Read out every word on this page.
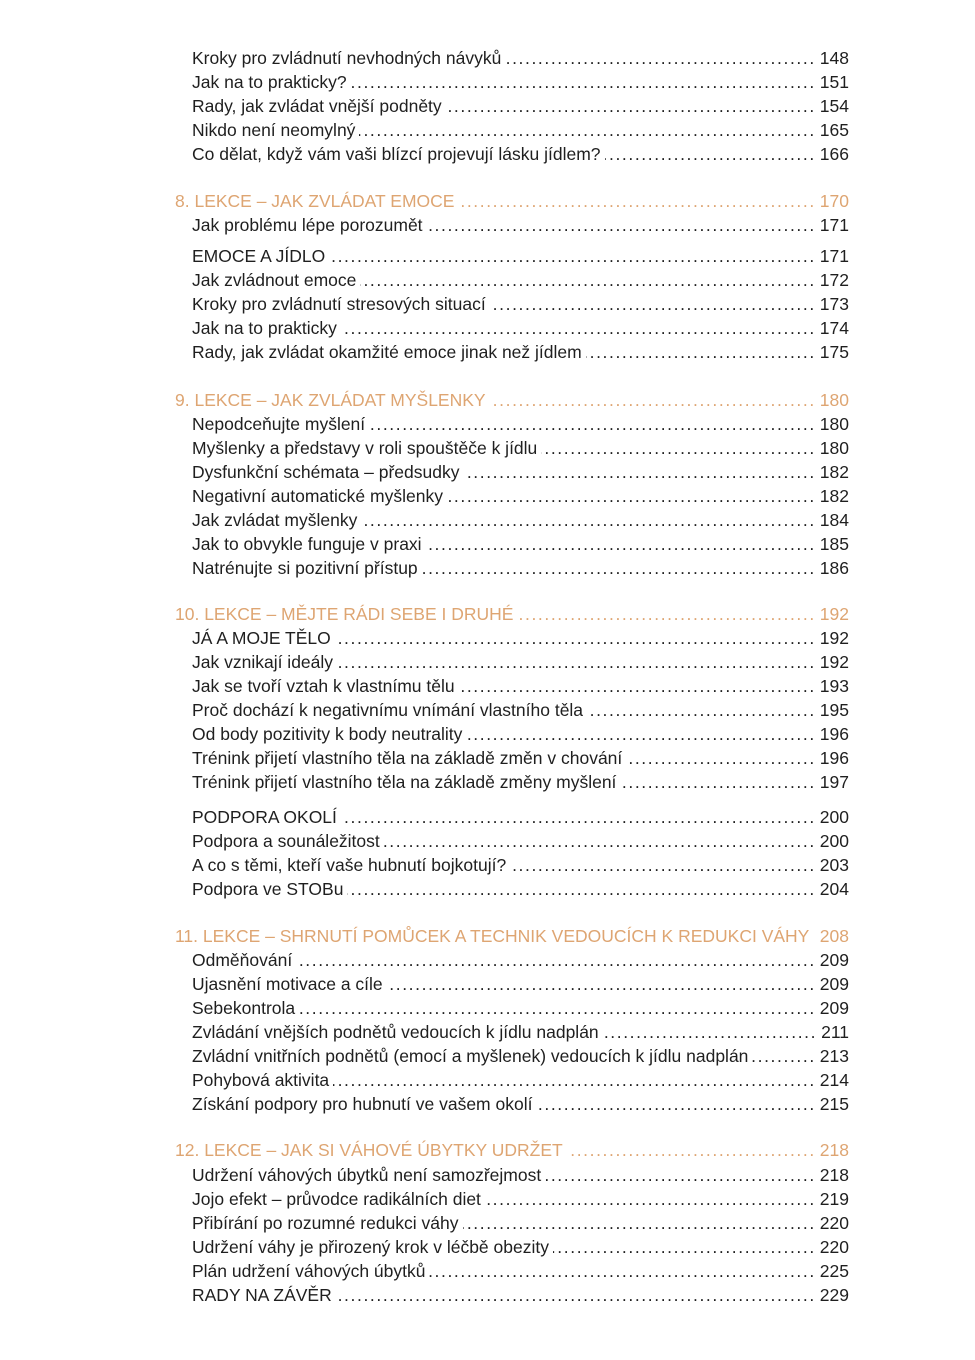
Kroky pro zvládnutí nevhodných návyků .....	148
Jak na to prakticky? .....	151
Rady, jak zvládat vnější podněty .....	154
Nikdo není neomylný .....	165
Co dělat, když vám vaši blízcí projevují lásku jídlem? .....	166
8. LEKCE – JAK ZVLÁDAT EMOCE .....	170
Jak problému lépe porozumět .....	171
EMOCE A JÍDLO .....	171
Jak zvládnout emoce .....	172
Kroky pro zvládnutí stresových situací .....	173
Jak na to prakticky .....	174
Rady, jak zvládat okamžité emoce jinak než jídlem .....	175
9. LEKCE – JAK ZVLÁDAT MYŠLENKY .....	180
Nepodceňujte myšlení .....	180
Myšlenky a představy v roli spouštěče k jídlu .....	180
Dysfunkční schémata – předsudky .....	182
Negativní automatické myšlenky .....	182
Jak zvládat myšlenky .....	184
Jak to obvykle funguje v praxi .....	185
Natrénujte si pozitivní přístup .....	186
10. LEKCE – MĚJTE RÁDI SEBE I DRUHÉ .....	192
JÁ A MOJE TĚLO .....	192
Jak vznikají ideály .....	192
Jak se tvoří vztah k vlastnímu tělu .....	193
Proč dochází k negativnímu vnímání vlastního těla .....	195
Od body pozitivity k body neutrality .....	196
Trénink přijetí vlastního těla na základě změn v chování .....	196
Trénink přijetí vlastního těla na základě změny myšlení .....	197
PODPORA OKOLÍ .....	200
Podpora a sounáležitost .....	200
A co s těmi, kteří vaše hubnutí bojkotují? .....	203
Podpora ve STOBu .....	204
11. LEKCE – SHRNUTÍ POMŮCEK A TECHNIK VEDOUCÍCH K REDUKCI VÁHY ..... 208
Odměňování .....	209
Ujasnění motivace a cíle .....	209
Sebekontrola .....	209
Zvládání vnějších podnětů vedoucích k jídlu nadplán .....	211
Zvládní vnitřních podnětů (emocí a myšlenek) vedoucích k jídlu nadplán .....	213
Pohybová aktivita .....	214
Získání podpory pro hubnutí ve vašem okolí .....	215
12. LEKCE – JAK SI VÁHOVÉ ÚBYTKY UDRŽET .....	218
Udržení váhových úbytků není samozřejmost .....	218
Jojo efekt – průvodce radikálních diet .....	219
Přibírání po rozumné redukci váhy .....	220
Udržení váhy je přirozený krok v léčbě obezity .....	220
Plán udržení váhových úbytků .....	225
RADY NA ZÁVĚR .....	229
